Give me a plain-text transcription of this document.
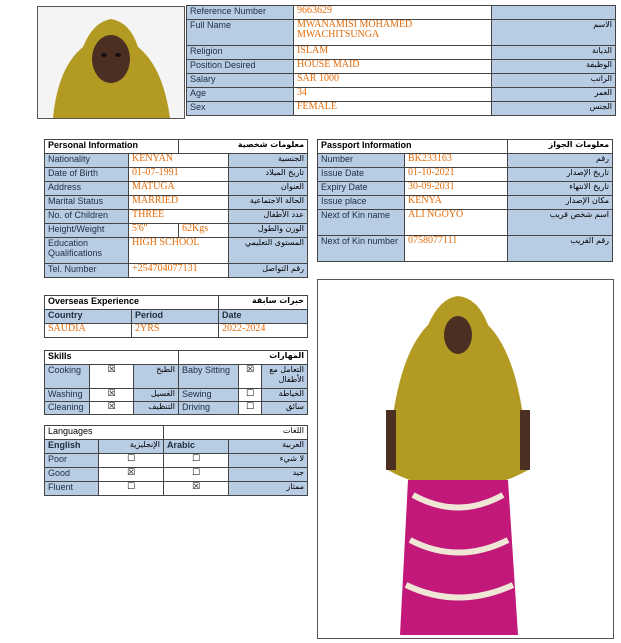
Reference Number	9663629	
Full Name	MWANAMISI MOHAMED MWACHITSUNGA	الاسم
Religion	ISLAM	الديانة
Position Desired	HOUSE MAID	الوظيفة
Salary	SAR 1000	الراتب
Age	34	العمر
Sex	FEMALE	الجنس
Personal Information		معلومات شخصية	
Nationality	KENYAN		الجنسية
Date of Birth	01-07-1991		تاريخ الميلاد
Address	MATUGA		العنوان
Marital Status	MARRIED		الحالة الاجتماعية
No. of Children	THREE		عدد الأطفال
Height/Weight	5'6''	62Kgs	الوزن والطول
Education Qualifications	HIGH SCHOOL		المستوى التعليمي
Tel. Number	+254704077131		رقم التواصل
Passport Information		معلومات الجواز
Number	BK233163	رقم
Issue Date	01-10-2021	تاريخ الإصدار
Expiry Date	30-09-2031	تاريخ الانتهاء
Issue place	KENYA	مكان الإصدار
Next of Kin name	ALI NGOYO	اسم شخص قريب
Next of Kin number	0758077111	رقم القريب
Overseas Experience		خبرات سابقة
Country	Period	Date
SAUDIA	2YRS	2022-2024
Skills			المهارات		
Cooking	☒	الطبخ	Baby Sitting	☒	التعامل مع الأطفال
Washing	☒	الغسيل	Sewing	☐	الخياطة
Cleaning	☒	التنظيف	Driving	☐	سائق
Languages		اللغات	
English	الإنجليزية	Arabic	العربية
Poor	☐	☐	لا شيء
Good	☒	☐	جيد
Fluent	☐	☒	ممتاز
